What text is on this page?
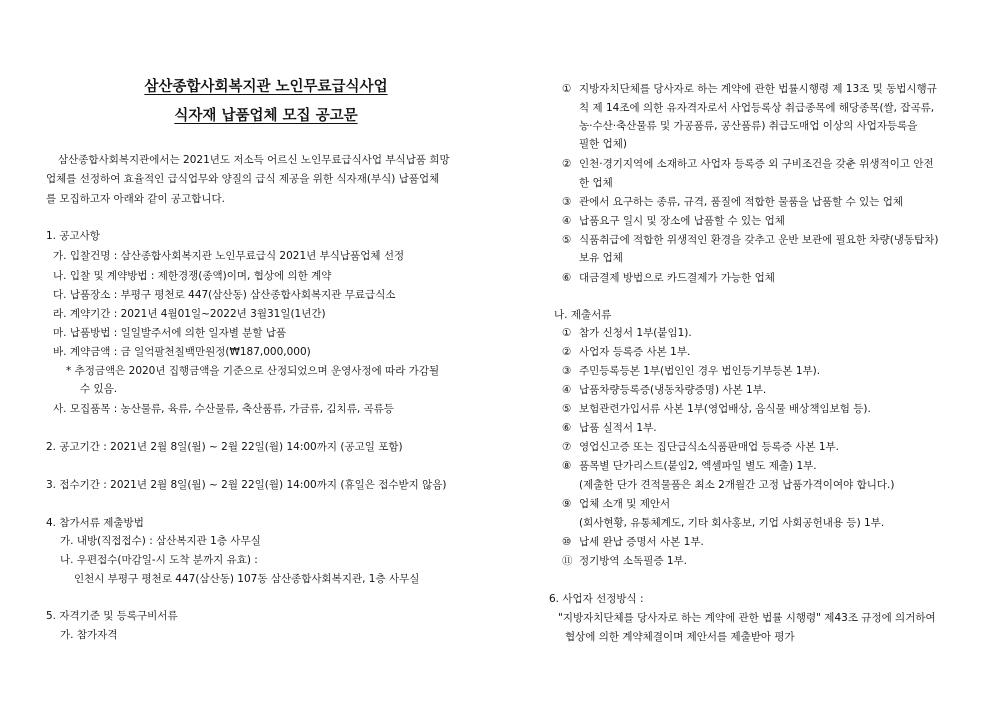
삼산종합사회복지관 노인무료급식사업
식자재 납품업체 모집 공고문
삼산종합사회복지관에서는 2021년도 저소득 어르신 노인무료급식사업 부식납품 희망
업체를 선정하여 효율적인 급식업무와 양질의 급식 제공을 위한 식자재(부식) 납품업체
를 모집하고자 아래와 같이 공고합니다.
1. 공고사항
가. 입찰건명 : 삼산종합사회복지관 노인무료급식 2021년 부식납품업체 선정
나. 입찰 및 계약방법 : 제한경쟁(종액)이며, 협상에 의한 계약
다. 납품장소 : 부평구 평천로 447(삼산동) 삼산종합사회복지관 무료급식소
라. 계약기간 : 2021년 4월01일~2022년 3월31일(1년간)
마. 납품방법 : 일일발주서에 의한 일자별 분할 납품
바. 계약금액 : 금 일억팔천칠백만원정(₩187,000,000)
* 추정금액은 2020년 집행금액을 기준으로 산정되었으며 운영사정에 따라 가감될
수 있음.
사. 모집품목 : 농산물류, 육류, 수산물류, 축산품류, 가금류, 김치류, 곡류등
2. 공고기간 : 2021년 2월 8일(월) ~ 2월 22일(월) 14:00까지 (공고일 포함)
3. 접수기간 : 2021년 2월 8일(월) ~ 2월 22일(월) 14:00까지 (휴일은 접수받지 않음)
4. 참가서류 제출방법
가. 내방(직접접수) : 삼산복지관 1층 사무실
나. 우편접수(마감일-시 도착 분까지 유효) :
인천시 부평구 평천로 447(삼산동) 107동 삼산종합사회복지관, 1층 사무실
5. 자격기준 및 등록구비서류
가. 참가자격
① 지방자치단체를 당사자로 하는 계약에 관한 법률시행령 제 13조 및 동법시행규
칙 제 14조에 의한 유자격자로서 사업등록상 취급종목에 해당종목(쌀, 잡곡류,
농·수산·축산물류 및 가공품류, 공산품류) 취급도매업 이상의 사업자등록을
필한 업체)
② 인천·경기지역에 소재하고 사업자 등록증 외 구비조건을 갖춘 위생적이고 안전
한 업체
③ 관에서 요구하는 종류, 규격, 품질에 적합한 물품을 납품할 수 있는 업체
④ 납품요구 일시 및 장소에 납품할 수 있는 업체
⑤ 식품취급에 적합한 위생적인 환경을 갖추고 운반 보관에 필요한 차량(냉동탑차)
보유 업체
⑥ 대금결제 방법으로 카드결제가 가능한 업체
나. 제출서류
① 참가 신청서 1부(붙임1).
② 사업자 등록증 사본 1부.
③ 주민등록등본 1부(법인인 경우 법인등기부등본 1부).
④ 납품차량등록증(냉동차량증명) 사본 1부.
⑤ 보험관련가입서류 사본 1부(영업배상, 음식물 배상책임보험 등).
⑥ 납품 실적서 1부.
⑦ 영업신고증 또는 집단급식소식품판매업 등록증 사본 1부.
⑧ 품목별 단가리스트(붙임2, 엑셀파일 별도 제출) 1부.
(제출한 단가 견적물품은 최소 2개월간 고정 납품가격이여야 합니다.)
⑨ 업체 소개 및 제안서
(회사현황, 유통체계도, 기타 회사홍보, 기업 사회공헌내용 등) 1부.
⑩ 납세 완납 증명서 사본 1부.
⑪ 정기방역 소독필증 1부.
6. 사업자 선정방식 :
"지방자치단체를 당사자로 하는 계약에 관한 법률 시행령" 제43조 규정에 의거하여
협상에 의한 계약체결이며 제안서를 제출받아 평가
